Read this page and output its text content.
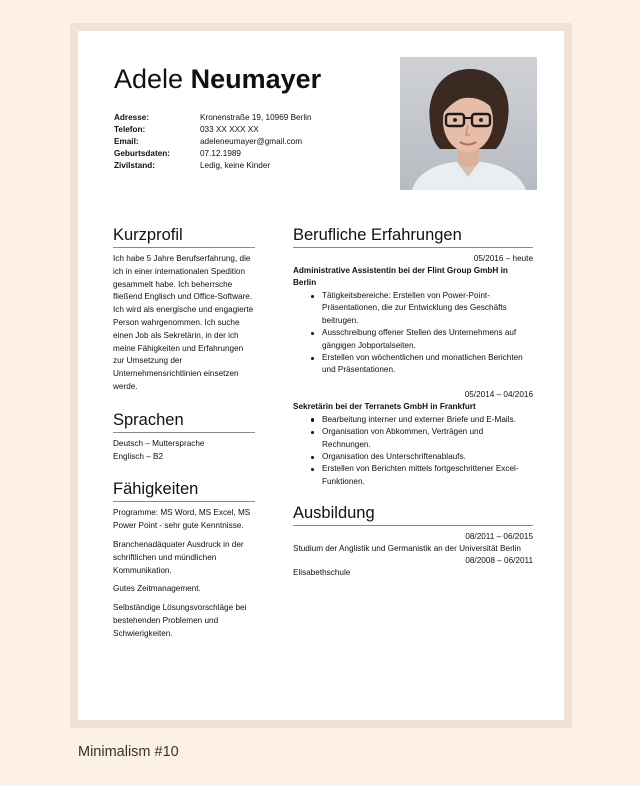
Adele Neumayer
Adresse:	Kronenstraße 19, 10969 Berlin
Telefon:	033 XX XXX XX
Email:	adeleneumayer@gmail.com
Geburtsdaten:	07.12.1989
Zivilstand:	Ledig, keine Kinder
Kurzprofil
Ich habe 5 Jahre Berufserfahrung, die ich in einer internationalen Spedition gesammelt habe. Ich beherrsche fließend Englisch und Office-Software. Ich wird als energische und engagierte Person wahrgenommen. Ich suche einen Job als Sekretärin, in der ich meine Fähigkeiten und Erfahrungen zur Umsetzung der Unternehmensrichtlinien einsetzen werde.
Sprachen
Deutsch – Muttersprache
Englisch – B2
Fähigkeiten
Programme: MS Word, MS Excel, MS Power Point - sehr gute Kenntnisse.
Branchenadäquater Ausdruck in der schriftlichen und mündlichen Kommunikation.
Gutes Zeitmanagement.
Selbständige Lösungsvorschläge bei bestehenden Problemen und Schwierigkeiten.
Berufliche Erfahrungen
05/2016 – heute
Administrative Assistentin bei der Flint Group GmbH in Berlin
Tätigkeitsbereiche: Erstellen von Power-Point-Präsentationen, die zur Entwicklung des Geschäfts beitrugen.
Ausschreibung offener Stellen des Unternehmens auf gängigen Jobportalseiten.
Erstellen von wöchentlichen und monatlichen Berichten und Präsentationen.
05/2014 – 04/2016
Sekretärin bei der Terranets GmbH in Frankfurt
Bearbeitung interner und externer Briefe und E-Mails.
Organisation von Abkommen, Verträgen und Rechnungen.
Organisation des Unterschriftenablaufs.
Erstellen von Berichten mittels fortgeschrittener Excel-Funktionen.
Ausbildung
08/2011 – 06/2015
Studium der Anglistik und Germanistik an der Universität Berlin
08/2008 – 06/2011
Elisabethschule
Minimalism #10
